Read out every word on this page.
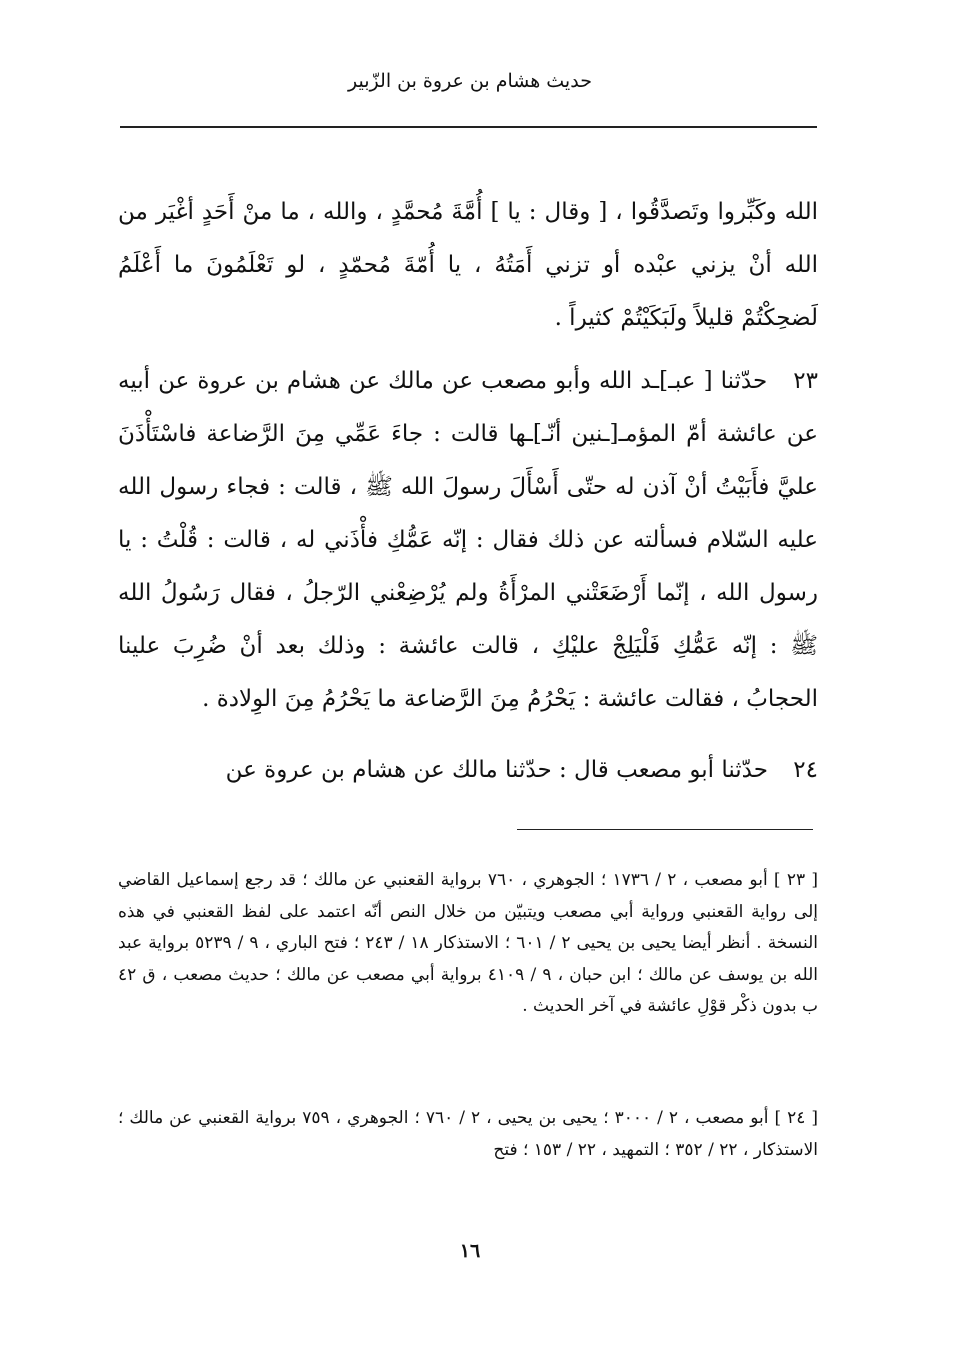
حديث هشام بن عروة بن الزّبير
الله وكَبِّروا وتَصدَّقُوا ، [ وقال : يا ] أُمَّةَ مُحمَّدٍ ، والله ، ما منْ أَحَدٍ أغْيَر من الله أنْ يزني عبْده أو تزني أَمَتُهُ ، يا أُمّةَ مُحمّدٍ ، لو تَعْلَمُونَ ما أَعْلَمُ لَضحِكْتُمْ قليلاً ولَبَكَيْتُمْ كثيراً .
٢٣ حدّثنا [ عبـ]ـد الله وأبو مصعب عن مالك عن هشام بن عروة عن أبيه عن عائشة أمّ المؤمـ[ـنين أنّـ]ـها قالت : جاءَ عَمِّي مِنَ الرَّضاعة فاسْتَأْذَنَ عليَّ فأَبَيْتُ أنْ آذن له حتّى أَسْأَلَ رسولَ الله ﷺ ، قالت : فجاء رسول الله عليه السّلام فسألته عن ذلك فقال : إنّه عَمُّكِ فأْذَني له ، قالت : قُلْتُ : يا رسول الله ، إنّما أَرْضَعَتْني المرْأَةُ ولم يُرْضِعْني الرّجلُ ، فقال رَسُولُ الله ﷺ : إنّه عَمُّكِ فَلْيَلِجْ عليْكِ ، قالت عائشة : وذلك بعد أنْ ضُرِبَ علينا الحجابُ ، فقالت عائشة : يَحْرُمُ مِنَ الرَّضاعة ما يَحْرُمُ مِنَ الوِلادة .
٢٤ حدّثنا أبو مصعب قال : حدّثنا مالك عن هشام بن عروة عن
[ ٢٣ ] أبو مصعب ، ٢ / ١٧٣٦ ؛ الجوهري ، ٧٦٠ برواية القعنبي عن مالك ؛ قد رجع إسماعيل القاضي إلى رواية القعنبي ورواية أبي مصعب ويتبيّن من خلال النص أنّه اعتمد على لفظ القعنبي في هذه النسخة . أنظر أيضا يحيى بن يحيى ٢ / ٦٠١ ؛ الاستذكار ١٨ / ٢٤٣ ؛ فتح الباري ، ٩ / ٥٢٣٩ برواية عبد الله بن يوسف عن مالك ؛ ابن حبان ، ٩ / ٤١٠٩ برواية أبي مصعب عن مالك ؛ حديث مصعب ، ق ٤٢ ب بدون ذكْر قوْلِ عائشة في آخر الحديث .
[ ٢٤ ] أبو مصعب ، ٢ / ٣٠٠٠ ؛ يحيى بن يحيى ، ٢ / ٧٦٠ ؛ الجوهري ، ٧٥٩ برواية القعنبي عن مالك ؛ الاستذكار ، ٢٢ / ٣٥٢ ؛ التمهيد ، ٢٢ / ١٥٣ ؛ فتح
١٦
